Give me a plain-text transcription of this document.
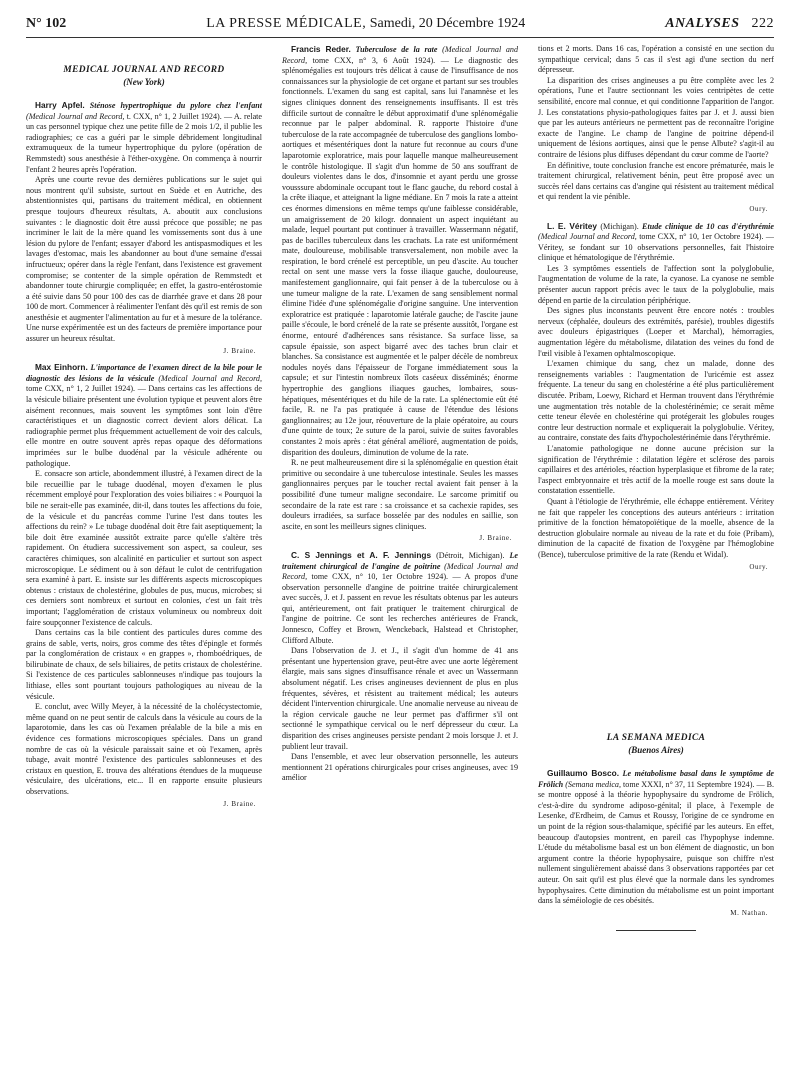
N° 102	LA PRESSE MÉDICALE, Samedi, 20 Décembre 1924	ANALYSES 222
MEDICAL JOURNAL AND RECORD
(New York)

Harry Apfel. Sténose hypertrophique du pylore chez l'enfant (Medical Journal and Record, t. CXX, n° 1, 2 Juillet 1924). — A. relate un cas personnel typique chez une petite fille de 2 mois 1/2, il publie les radiographies; ce cas a guéri par le simple débridement longitudinal extramuqueux de la tumeur hypertrophique du pylore (opération de Remmstedt) sous anesthésie à l'éther-oxygène. On commença à nourrir l'enfant 2 heures après l'opération.

Après une courte revue des dernières publications sur le sujet qui nous montrent qu'il subsiste, surtout en Suède et en Autriche, des abstentionnistes qui, partisans du traitement médical, en obtiennent presque toujours d'heureux résultats, A. aboutit aux conclusions suivantes : le diagnostic doit être aussi précoce que possible; ne pas incriminer le lait de la mère quand les vomissements sont dus à une lésion du pylore de l'enfant; essayer d'abord les antispasmodiques et les lavages d'estomac, mais les abandonner au bout d'une semaine d'essai infructueux; opérer dans la règle l'enfant, dans l'existence est gravement compromise; se contenter de la simple opération de Remmstedt et abandonner toute chirurgie compliquée; en effet, la gastro-entérostomie a été suivie dans 50 pour 100 des cas de diarrhée grave et dans 28 pour 100 de mort. Commencer à réalimenter l'enfant dès qu'il est remis de son anesthésie et augmenter l'alimentation au fur et à mesure de la tolérance. Une nurse expérimentée est un des facteurs de première importance pour assurer un heureux résultat.

J. Braine.

Max Einhorn. L'importance de l'examen direct de la bile pour le diagnostic des lésions de la vésicule (Medical Journal and Record, tome CXX, n° 1, 2 Juillet 1924). — Dans certains cas les affections de la vésicule biliaire présentent une évolution typique et peuvent alors être aisément reconnues, mais souvent les symptômes sont loin d'être caractéristiques et un diagnostic correct devient alors délicat. La radiographie permet plus fréquemment actuellement de voir des calculs, elle montre en outre souvent après repas opaque des déformations imprimées sur le bulbe duodénal par la vésicule adhérente ou pathologique.

E. consacre son article, abondemment illustré, à l'examen direct de la bile recueillie par le tubage duodénal, moyen d'examen le plus récemment employé pour l'exploration des voies biliaires : « Pourquoi la bile ne serait-elle pas examinée, dit-il, dans toutes les affections du foie, de la vésicule et du pancréas comme l'urine l'est dans toutes les affections du rein? » Le tubage duodénal doit être fait aseptiquement; la bile doit être examinée aussitôt extraite parce qu'elle s'altère très rapidement. On étudiera successivement son aspect, sa couleur, ses caractères chimiques, son alcalinité en particulier et surtout son aspect microscopique. Le sédiment ou à son défaut le culot de centrifugation sera examiné à part. E. insiste sur les différents aspects microscopiques obtenus : cristaux de cholestérine, globules de pus, mucus, microbes; si ces derniers sont nombreux et surtout en colonies, c'est un fait très important; l'agglomération de cristaux volumineux ou nombreux doit faire soupçonner l'existence de calculs.

Dans certains cas la bile contient des particules dures comme des grains de sable, verts, noirs, gros comme des têtes d'épingle et formés par la conglomération de cristaux « en grappes », rhomboédriques, de bilirubinate de chaux, de sels biliaires, de petits cristaux de cholestérine. Si l'existence de ces particules sablonneuses n'indique pas toujours la lithiase, elles sont pourtant toujours pathologiques au niveau de la vésicule.

E. conclut, avec Willy Meyer, à la nécessité de la cholécystectomie, même quand on ne peut sentir de calculs dans la vésicule au cours de la laparotomie, dans les cas où l'examen préalable de la bile a mis en évidence ces formations microscopiques spéciales. Dans un grand nombre de cas où la vésicule paraissait saine et où l'examen, après tubage, avait montré l'existence des particules sablonneuses et des cristaux en question, E. trouva des altérations étendues de la muqueuse vésiculaire, des ulcérations, etc... Il en rapporte ensuite plusieurs observations.

J. Braine.

Francis Reder. Tuberculose de la rate (Medical Journal and Record, tome CXX, n° 3, 6 Août 1924). — Le diagnostic des splénomégalies est toujours très délicat à cause de l'insuffisance de nos connaissances sur la physiologie de cet organe et partant sur ses troubles fonctionnels. L'examen du sang est capital, sans lui l'anamnèse et les signes cliniques donnent des renseignements insuffisants. Il est très difficile surtout de connaître le début approximatif d'une splénomégalie reconnue par le palper abdominal. R. rapporte l'histoire d'une tuberculose de la rate accompagnée de tuberculose des ganglions lombo-aortiques et mésentériques dont la nature fut reconnue au cours d'une laparotomie exploratrice, mais pour laquelle manque malheureusement le contrôle histologique. Il s'agit d'un homme de 50 ans souffrant de douleurs violentes dans le dos, d'insomnie et ayant perdu une grosse vousssure abdominale occupant tout le flanc gauche, du rebord costal à la crête iliaque, et atteignant la ligne médiane. En 7 mois la rate a atteint ces énormes dimensions en même temps qu'une faiblesse considérable, un amaigrissement de 20 kilogr. donnaient un aspect inquiétant au malade, lequel pourtant put continuer à travailler. Wassermann négatif, pas de bacilles tuberculeux dans les crachats. La rate est uniformément mate, douloureuse, mobilisable transversalement, non mobile avec la respiration, le bord crénelé est perceptible, un peu d'ascite. Au toucher rectal on sent une masse vers la fosse iliaque gauche, douloureuse, manifestement ganglionnaire, qui fait penser à de la tuberculose ou à une tumeur maligne de la rate. L'examen de sang sensiblement normal élimine l'idée d'une splénomégalie d'origine sanguine. Une intervention exploratrice est pratiquée : laparotomie latérale gauche; de l'ascite jaune paille s'écoule, le bord crénelé de la rate se présente aussitôt, l'organe est énorme, entouré d'adhérences sans résistance. Sa surface lisse, sa capsule épaissie, son aspect bigarré avec des taches brun clair et blanches. Sa consistance est augmentée et le palper décèle de nombreux nodules noyés dans l'épaisseur de l'organe immédiatement sous la capsule; et sur l'intestin nombreux îlots caséeux disséminés; énorme hypertrophie des ganglions iliaques gauches, lombaires, sous-hépatiques, mésentériques et du hile de la rate. La splénectomie eût été facile, R. ne l'a pas pratiquée à cause de l'étendue des lésions ganglionnaires; au 12e jour, réouverture de la plaie opératoire, au cours d'une quinte de toux; 2e suture de la paroi, suivie de suites favorables constantes 2 mois après : état général amélioré, augmentation de poids, disparition des douleurs, diminution de volume de la rate.

R. ne peut malheureusement dire si la splénomégalie en question était primitive ou secondaire à une tuberculose intestinale. Seules les masses ganglionnaires perçues par le toucher rectal avaient fait penser à la possibilité d'une tumeur maligne secondaire. Le sarcome primitif ou secondaire de la rate est rare : sa croissance et sa cachexie rapides, ses douleurs irradiées, sa surface bosselée par des nodules en saillie, son ascite, en sont les meilleurs signes cliniques.

J. Braine.

C. S Jennings et A. F. Jennings (Détroit, Michigan). Le traitement chirurgical de l'angine de poitrine (Medical Journal and Record, tome CXX, n° 10, 1er Octobre 1924). — A propos d'une observation personnelle d'angine de poitrine traitée chirurgicalement avec succès, J. et J. passent en revue les résultats obtenus par les auteurs qui, antérieurement, ont fait pratiquer le traitement chirurgical de l'angine de poitrine. Ce sont les recherches antérieures de Franck, Jonnesco, Coffey et Brown, Wenckeback, Halstead et Christopher, Clifford Albute.

Dans l'observation de J. et J., il s'agit d'un homme de 41 ans présentant une hypertension grave, peut-être avec une aorte légèrement élargie, mais sans signes d'insuffisance rénale et avec un Wassermann absolument négatif. Les crises angineuses deviennent de plus en plus fréquentes, sévères, et résistent au traitement médical; les auteurs décident l'intervention chirurgicale. Une anomalie nerveuse au niveau de la région cervicale gauche ne leur permet pas d'affirmer s'il ont sectionné le sympathique cervical ou le nerf dépresseur du cœur. La disparition des crises angineuses persiste pendant 2 mois lorsque J. et J. publient leur travail.

Dans l'ensemble, et avec leur observation personnelle, les auteurs mentionnent 21 opérations chirurgicales pour crises angineuses, avec 19 amélior

tions et 2 morts. Dans 16 cas, l'opération a consisté en une section du sympathique cervical; dans 5 cas il s'est agi d'une section du nerf dépresseur.

La disparition des crises angineuses a pu être complète avec les 2 opérations, l'une et l'autre sectionnant les voies centripètes de cette sensibilité, encore mal connue, et qui conditionne l'apparition de l'angor. J. Les constatations physio-pathologiques faites par J. et J. aussi bien que par les auteurs antérieurs ne permettent pas de reconnaître l'origine exacte de l'angine. Le champ de l'angine de poitrine dépend-il uniquement de lésions aortiques, ainsi que le pense Albute? s'agit-il au contraire de lésions plus diffuses dépendant du cœur comme de l'aorte?

En définitive, toute conclusion franche est encore prématurée, mais le traitement chirurgical, relativement bénin, peut être proposé avec un succès réel dans certains cas d'angine qui résistent au traitement médical et qui rendent la vie pénible.

Oury.

L. E. Véritey (Michigan). Etude clinique de 10 cas d'érythrémie (Medical Journal and Record, tome CXX, n° 10, 1er Octobre 1924). — Véritey, se fondant sur 10 observations personnelles, fait l'histoire clinique et hématologique de l'érythrémie.

Les 3 symptômes essentiels de l'affection sont la polyglobulie, l'augmentation de volume de la rate, la cyanose. La cyanose ne semble présenter aucun rapport précis avec le taux de la polyglobulie, mais dépend en partie de la circulation périphérique.

Des signes plus inconstants peuvent être encore notés : troubles nerveux (céphalée, douleurs des extrémités, parésie), troubles digestifs avec douleurs épigastriques (Loeper et Marchal), hémorragies, augmentation légère du métabolisme, dilatation des veines du fond de l'œil visible à l'examen ophtalmoscopique.

L'examen chimique du sang, chez un malade, donne des renseignements variables : l'augmentation de l'uricémie est assez fréquente. La teneur du sang en cholestérine a été plus particulièrement discutée. Pribam, Loewy, Richard et Herman trouvent dans l'érythrémie une augmentation très notable de la cholestérinémie; ce serait même cette teneur élevée en cholestérine qui protégerait les globules rouges contre leur destruction normale et expliquerait la polyglobulie. Véritey, au contraire, constate des faits d'hypocholestérinémie dans l'érythrémie.

L'anatomie pathologique ne donne aucune précision sur la signification de l'érythrémie : dilatation légère et sclérose des parois capillaires et des artérioles, réaction hyperplasique et fibrome de la rate; l'aspect embryonnaire et très actif de la moelle rouge est sans doute la constatation essentielle.

Quant à l'étiologie de l'érythrémie, elle échappe entièrement. Véritey ne fait que rappeler les conceptions des auteurs antérieurs : irritation primitive de la fonction hématopoïétique de la moelle, absence de la destruction globulaire normale au niveau de la rate et du foie (Pribam), diminution de la capacité de fixation de l'oxygène par l'hémoglobine (Bence), tuberculose primitive de la rate (Rendu et Widal).

Oury.
LA SEMANA MEDICA
(Buenos Aires)

Guillaumo Bosco. Le métabolisme basal dans le symptôme de Frölich (Semana medica, tome XXXI, n° 37, 11 Septembre 1924). — B. se montre opposé à la théorie hypophysaire du syndrome de Frölich, c'est-à-dire du syndrome adiposo-génital; il place, à l'exemple de Lesenke, d'Erdheim, de Camus et Roussy, l'origine de ce syndrome en un point de la région sous-thalamique, spécifié par les auteurs. En effet, beaucoup d'autopsies montrent, en pareil cas l'hypophyse indemne. L'étude du métabolisme basal est un bon élément de diagnostic, un bon argument contre la théorie hypophysaire, puisque son chiffre n'est nullement singulièrement abaissé dans 3 observations rapportées par cet auteur. On sait qu'il est plus élevé que la normale dans les syndromes hypophysaires. Cette diminution du métabolisme est un point important dans la séméiologie de ces obésités.

M. Nathan.
